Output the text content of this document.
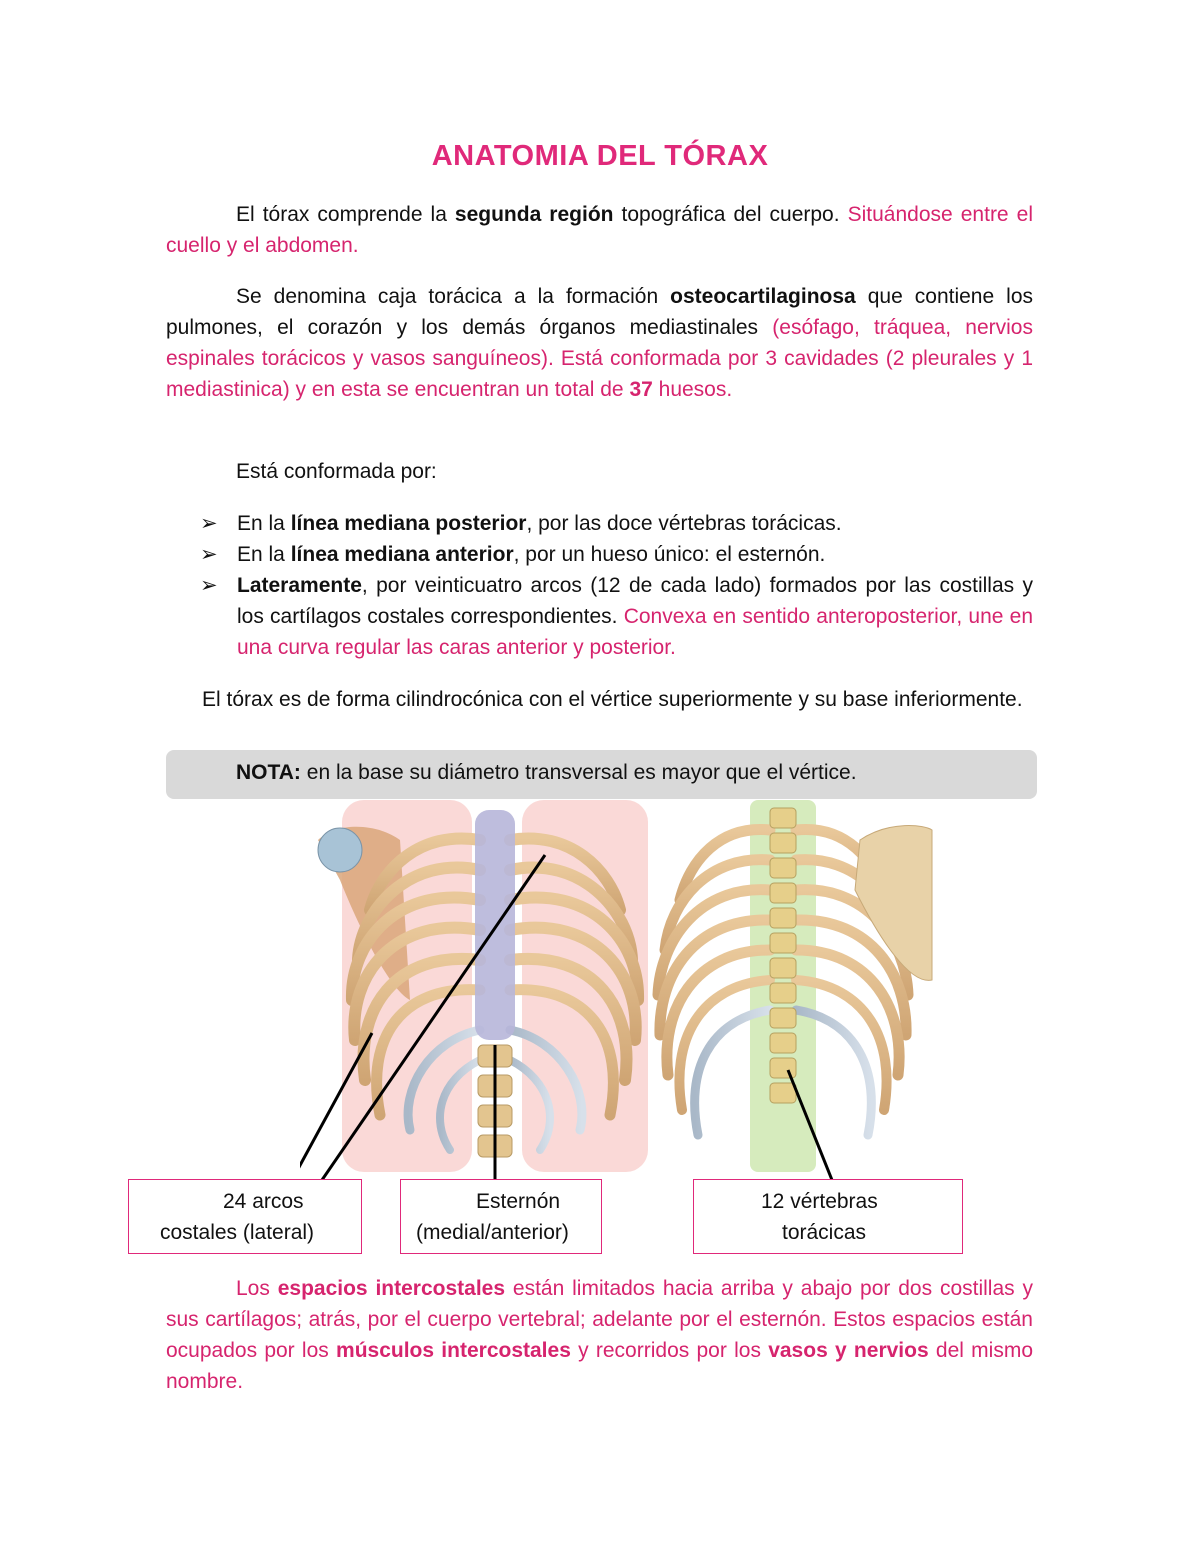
ANATOMIA DEL TÓRAX

El tórax comprende la segunda región topográfica del cuerpo. Situándose entre el cuello y el abdomen.

Se denomina caja torácica a la formación osteocartilaginosa que contiene los pulmones, el corazón y los demás órganos mediastinales (esófago, tráquea, nervios espinales torácicos y vasos sanguíneos). Está conformada por 3 cavidades (2 pleurales y 1 mediastinica) y en esta se encuentran un total de 37 huesos.

Está conformada por:

➢ En la línea mediana posterior, por las doce vértebras torácicas.
➢ En la línea mediana anterior, por un hueso único: el esternón.
➢ Lateramente, por veinticuatro arcos (12 de cada lado) formados por las costillas y los cartílagos costales correspondientes. Convexa en sentido anteroposterior, une en una curva regular las caras anterior y posterior.

El tórax es de forma cilindrocónica con el vértice superiormente y su base inferiormente.

NOTA: en la base su diámetro transversal es mayor que el vértice.
24 arcos
costales (lateral)
Esternón
(medial/anterior)
12 vértebras
torácicas

Los espacios intercostales están limitados hacia arriba y abajo por dos costillas y sus cartílagos; atrás, por el cuerpo vertebral; adelante por el esternón. Estos espacios están ocupados por los músculos intercostales y recorridos por los vasos y nervios del mismo nombre.
